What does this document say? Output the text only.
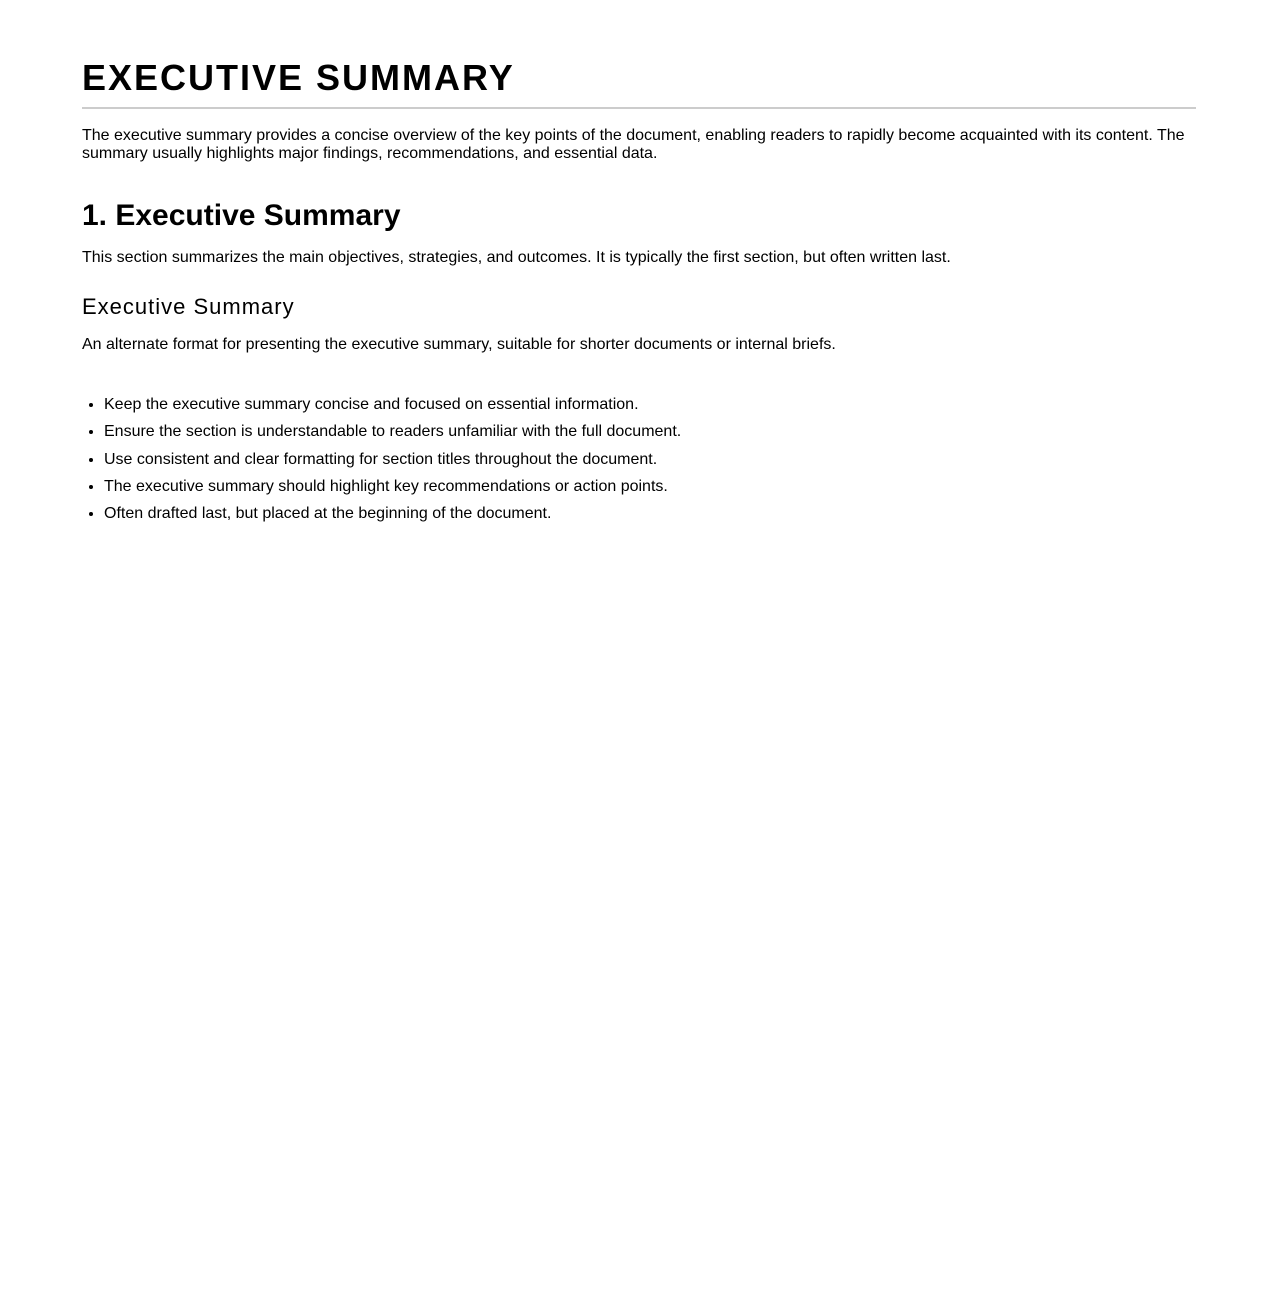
EXECUTIVE SUMMARY

The executive summary provides a concise overview of the key points of the document, enabling readers to rapidly become acquainted with its content. The summary usually highlights major findings, recommendations, and essential data.

1. Executive Summary

This section summarizes the main objectives, strategies, and outcomes. It is typically the first section, but often written last.

Executive Summary

An alternate format for presenting the executive summary, suitable for shorter documents or internal briefs.

• Keep the executive summary concise and focused on essential information.
• Ensure the section is understandable to readers unfamiliar with the full document.
• Use consistent and clear formatting for section titles throughout the document.
• The executive summary should highlight key recommendations or action points.
• Often drafted last, but placed at the beginning of the document.
